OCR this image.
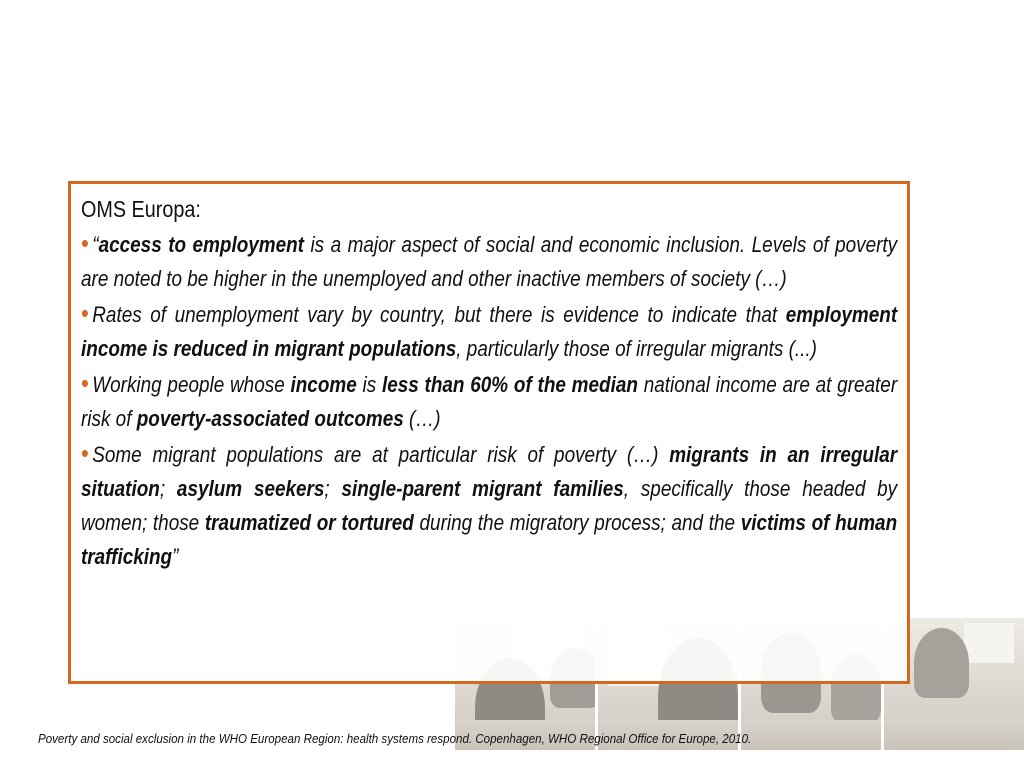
OMS Europa:
• “access to employment is a major aspect of social and economic inclusion. Levels of poverty are noted to be higher in the unemployed and other inactive members of society (…)
• Rates of unemployment vary by country, but there is evidence to indicate that employment income is reduced in migrant populations, particularly those of irregular migrants (...)
• Working people whose income is less than 60% of the median national income are at greater risk of poverty-associated outcomes (…)
• Some migrant populations are at particular risk of poverty (…) migrants in an irregular situation; asylum seekers; single-parent migrant families, specifically those headed by women; those traumatized or tortured during the migratory process; and the victims of human trafficking”
Poverty and social exclusion in the WHO European Region: health systems respond. Copenhagen, WHO Regional Office for Europe, 2010.
